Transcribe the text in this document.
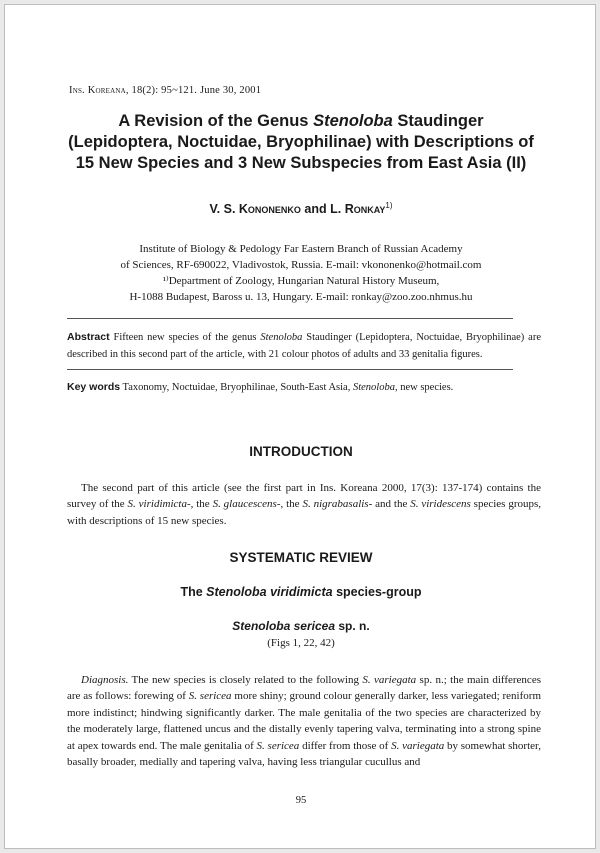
Ins. Koreana, 18(2): 95~121. June 30, 2001
A Revision of the Genus Stenoloba Staudinger
(Lepidoptera, Noctuidae, Bryophilinae) with Descriptions of
15 New Species and 3 New Subspecies from East Asia (II)
V. S. Kononenko and L. Ronkay$^{1)}$
Institute of Biology & Pedology Far Eastern Branch of Russian Academy
of Sciences, RF-690022, Vladivostok, Russia. E-mail: vkononenko@hotmail.com
¹⁾Department of Zoology, Hungarian Natural History Museum,
H-1088 Budapest, Baross u. 13, Hungary. E-mail: ronkay@zoo.zoo.nhmus.hu
Abstract Fifteen new species of the genus Stenoloba Staudinger (Lepidoptera, Noctuidae, Bryophilinae) are described in this second part of the article, with 21 colour photos of adults and 33 genitalia figures.
Key words Taxonomy, Noctuidae, Bryophilinae, South-East Asia, Stenoloba, new species.
INTRODUCTION
The second part of this article (see the first part in Ins. Koreana 2000, 17(3): 137-174) contains the survey of the S. viridimicta-, the S. glaucescens-, the S. nigrabasalis- and the S. viridescens species groups, with descriptions of 15 new species.
SYSTEMATIC REVIEW
The Stenoloba viridimicta species-group
Stenoloba sericea sp. n.
(Figs 1, 22, 42)
Diagnosis. The new species is closely related to the following S. variegata sp. n.; the main differences are as follows: forewing of S. sericea more shiny; ground colour generally darker, less variegated; reniform more indistinct; hindwing significantly darker. The male genitalia of the two species are characterized by the moderately large, flattened uncus and the distally evenly tapering valva, terminating into a strong spine at apex towards end. The male genitalia of S. sericea differ from those of S. variegata by somewhat shorter, basally broader, medially and tapering valva, having less triangular cucullus and
95
